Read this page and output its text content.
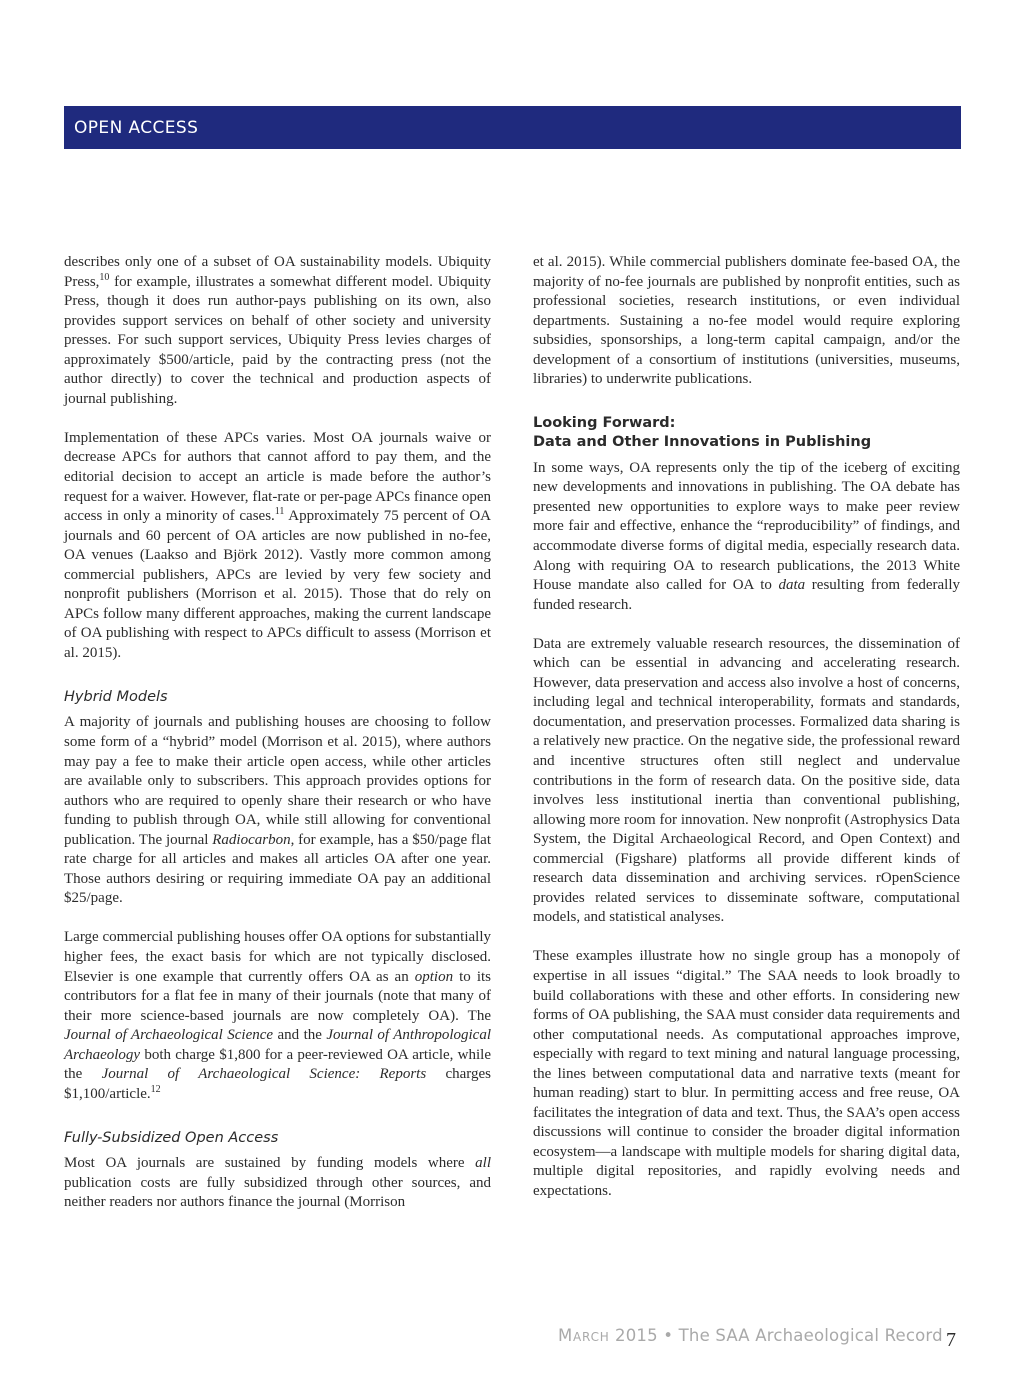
OPEN ACCESS

describes only one of a subset of OA sustainability models. Ubiquity Press,$^{10}$ for example, illustrates a somewhat different model. Ubiquity Press, though it does run author-pays publishing on its own, also provides support services on behalf of other society and university presses. For such support services, Ubiquity Press levies charges of approximately $500/article, paid by the contracting press (not the author directly) to cover the technical and production aspects of journal publishing.

Implementation of these APCs varies. Most OA journals waive or decrease APCs for authors that cannot afford to pay them, and the editorial decision to accept an article is made before the author’s request for a waiver. However, flat-rate or per-page APCs finance open access in only a minority of cases.$^{11}$ Approximately 75 percent of OA journals and 60 percent of OA articles are now published in no-fee, OA venues (Laakso and Björk 2012). Vastly more common among commercial publishers, APCs are levied by very few society and nonprofit publishers (Morrison et al. 2015). Those that do rely on APCs follow many different approaches, making the current landscape of OA publishing with respect to APCs difficult to assess (Morrison et al. 2015).

Hybrid Models

A majority of journals and publishing houses are choosing to follow some form of a “hybrid” model (Morrison et al. 2015), where authors may pay a fee to make their article open access, while other articles are available only to subscribers. This approach provides options for authors who are required to openly share their research or who have funding to publish through OA, while still allowing for conventional publication. The journal Radiocarbon, for example, has a $50/page flat rate charge for all articles and makes all articles OA after one year. Those authors desiring or requiring immediate OA pay an additional $25/page.

Large commercial publishing houses offer OA options for substantially higher fees, the exact basis for which are not typically disclosed. Elsevier is one example that currently offers OA as an option to its contributors for a flat fee in many of their journals (note that many of their more science-based journals are now completely OA). The Journal of Archaeological Science and the Journal of Anthropological Archaeology both charge $1,800 for a peer-reviewed OA article, while the Journal of Archaeological Science: Reports charges $1,100/article.$^{12}$

Fully-Subsidized Open Access

Most OA journals are sustained by funding models where all publication costs are fully subsidized through other sources, and neither readers nor authors finance the journal (Morrison

et al. 2015). While commercial publishers dominate fee-based OA, the majority of no-fee journals are published by nonprofit entities, such as professional societies, research institutions, or even individual departments. Sustaining a no-fee model would require exploring subsidies, sponsorships, a long-term capital campaign, and/or the development of a consortium of institutions (universities, museums, libraries) to underwrite publications.

Looking Forward:
Data and Other Innovations in Publishing

In some ways, OA represents only the tip of the iceberg of exciting new developments and innovations in publishing. The OA debate has presented new opportunities to explore ways to make peer review more fair and effective, enhance the “reproducibility” of findings, and accommodate diverse forms of digital media, especially research data. Along with requiring OA to research publications, the 2013 White House mandate also called for OA to data resulting from federally funded research.

Data are extremely valuable research resources, the dissemination of which can be essential in advancing and accelerating research. However, data preservation and access also involve a host of concerns, including legal and technical interoperability, formats and standards, documentation, and preservation processes. Formalized data sharing is a relatively new practice. On the negative side, the professional reward and incentive structures often still neglect and undervalue contributions in the form of research data. On the positive side, data involves less institutional inertia than conventional publishing, allowing more room for innovation. New nonprofit (Astrophysics Data System, the Digital Archaeological Record, and Open Context) and commercial (Figshare) platforms all provide different kinds of research data dissemination and archiving services. rOpenScience provides related services to disseminate software, computational models, and statistical analyses.

These examples illustrate how no single group has a monopoly of expertise in all issues “digital.” The SAA needs to look broadly to build collaborations with these and other efforts. In considering new forms of OA publishing, the SAA must consider data requirements and other computational needs. As computational approaches improve, especially with regard to text mining and natural language processing, the lines between computational data and narrative texts (meant for human reading) start to blur. In permitting access and free reuse, OA facilitates the integration of data and text. Thus, the SAA’s open access discussions will continue to consider the broader digital information ecosystem—a landscape with multiple models for sharing digital data, multiple digital repositories, and rapidly evolving needs and expectations.

March 2015 • The SAA Archaeological Record 7
